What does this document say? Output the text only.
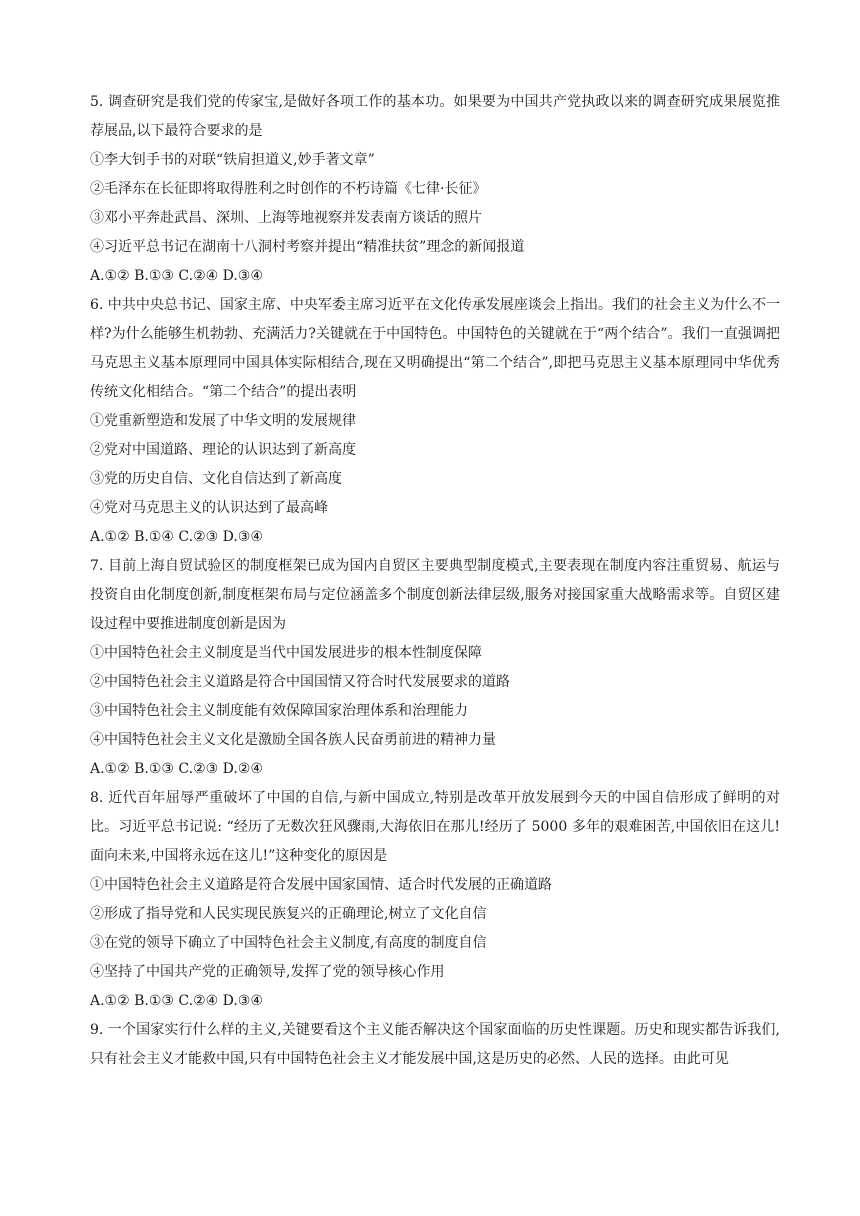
5. 调查研究是我们党的传家宝,是做好各项工作的基本功。如果要为中国共产党执政以来的调查研究成果展览推荐展品,以下最符合要求的是
①李大钊手书的对联“铁肩担道义,妙手著文章”
②毛泽东在长征即将取得胜利之时创作的不朽诗篇《七律·长征》
③邓小平奔赴武昌、深圳、上海等地视察并发表南方谈话的照片
④习近平总书记在湖南十八洞村考察并提出“精准扶贫”理念的新闻报道
A.①② B.①③ C.②④ D.③④
6. 中共中央总书记、国家主席、中央军委主席习近平在文化传承发展座谈会上指出。我们的社会主义为什么不一样?为什么能够生机勃勃、充满活力?关键就在于中国特色。中国特色的关键就在于“两个结合”。我们一直强调把马克思主义基本原理同中国具体实际相结合,现在又明确提出“第二个结合”,即把马克思主义基本原理同中华优秀传统文化相结合。“第二个结合”的提出表明
①党重新塑造和发展了中华文明的发展规律
②党对中国道路、理论的认识达到了新高度
③党的历史自信、文化自信达到了新高度
④党对马克思主义的认识达到了最高峰
A.①② B.①④ C.②③ D.③④
7. 目前上海自贸试验区的制度框架已成为国内自贸区主要典型制度模式,主要表现在制度内容注重贸易、航运与投资自由化制度创新,制度框架布局与定位涵盖多个制度创新法律层级,服务对接国家重大战略需求等。自贸区建设过程中要推进制度创新是因为
①中国特色社会主义制度是当代中国发展进步的根本性制度保障
②中国特色社会主义道路是符合中国国情又符合时代发展要求的道路
③中国特色社会主义制度能有效保障国家治理体系和治理能力
④中国特色社会主义文化是激励全国各族人民奋勇前进的精神力量
A.①② B.①③ C.②③ D.②④
8. 近代百年屈辱严重破坏了中国的自信,与新中国成立,特别是改革开放发展到今天的中国自信形成了鲜明的对比。习近平总书记说: “经历了无数次狂风骤雨,大海依旧在那儿!经历了 5000 多年的艰难困苦,中国依旧在这儿!面向未来,中国将永远在这儿!”这种变化的原因是
①中国特色社会主义道路是符合发展中国家国情、适合时代发展的正确道路
②形成了指导党和人民实现民族复兴的正确理论,树立了文化自信
③在党的领导下确立了中国特色社会主义制度,有高度的制度自信
④坚持了中国共产党的正确领导,发挥了党的领导核心作用
A.①② B.①③ C.②④ D.③④
9. 一个国家实行什么样的主义,关键要看这个主义能否解决这个国家面临的历史性课题。历史和现实都告诉我们,只有社会主义才能救中国,只有中国特色社会主义才能发展中国,这是历史的必然、人民的选择。由此可见
